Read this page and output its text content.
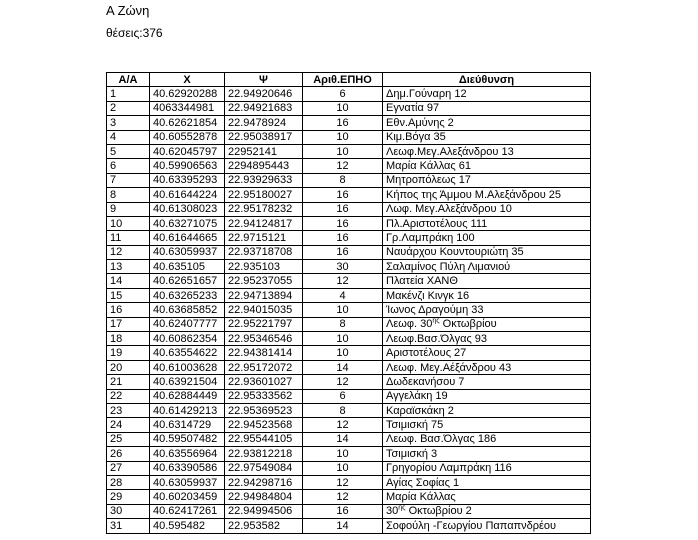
Α Ζώνη
θέσεις:376
Α/Α	Χ	Ψ	Αριθ.ΕΠΗΟ	Διεύθυνση
1	40.62920288	22.94920646	6	Δημ.Γούναρη 12
2	4063344981	22.94921683	10	Εγνατία 97
3	40.62621854	22.9478924	16	Εθν.Αμύνης 2
4	40.60552878	22.95038917	10	Κιμ.Βόγα 35
5	40.62045797	22952141	10	Λεωφ.Μεγ.Αλεξάνδρου 13
6	40.59906563	2294895443	12	Μαρία Κάλλας 61
7	40.63395293	22.93929633	8	Μητροπόλεως 17
8	40.61644224	22.95180027	16	Κήπος της Άμμου Μ.Αλεξάνδρου 25
9	40.61308023	22.95178232	16	Λωφ. Μεγ.Αλεξάνδρου 10
10	40.63271075	22.94124817	16	Πλ.Αριστοτέλους 111
11	40.61644665	22.9715121	16	Γρ.Λαμπράκη 100
12	40.63059937	22.93718708	16	Ναυάρχου Κουντουριώτη 35
13	40.635105	22.935103	30	Σαλαμίνος Πύλη Λιμανιού
14	40.62651657	22.95237055	12	Πλατεία ΧΑΝΘ
15	40.63265233	22.94713894	4	Μακένζι Κινγκ 16
16	40.63685852	22.94015035	10	Ίωνος Δραγούμη 33
17	40.62407777	22.95221797	8	Λεωφ. $30^{\eta\varsigma}$ Οκτωβρίου
18	40.60862354	22.95346546	10	Λεωφ.Βασ.Όλγας 93
19	40.63554622	22.94381414	10	Αριστοτέλους 27
20	40.61003628	22.95172072	14	Λεωφ. Μεγ.Αέξάνδρου 43
21	40.63921504	22.93601027	12	Δωδεκανήσου 7
22	40.62884449	22.95333562	6	Αγγελάκη 19
23	40.61429213	22.95369523	8	Καραϊσκάκη 2
24	40.6314729	22.94523568	12	Τσιμισκή 75
25	40.59507482	22.95544105	14	Λεωφ. Βασ.Όλγας 186
26	40.63556964	22.93812218	10	Τσιμισκή 3
27	40.63390586	22.97549084	10	Γρηγορίου Λαμπράκη 116
28	40.63059937	22.94298716	12	Αγίας Σοφίας 1
29	40.60203459	22.94984804	12	Μαρία Κάλλας
30	40.62417261	22.94994506	16	$30^{\eta\varsigma}$ Οκτωβρίου 2
31	40.595482	22.953582	14	Σοφούλη -Γεωργίου Παπαπνδρέου
